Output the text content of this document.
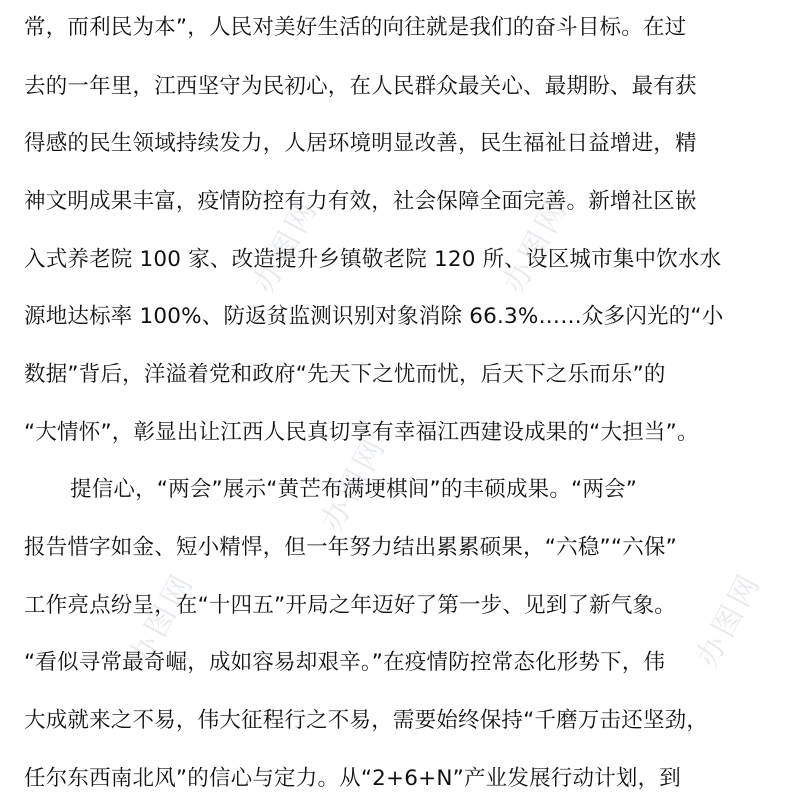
常，而利民为本”，人民对美好生活的向往就是我们的奋斗目标。在过
去的一年里，江西坚守为民初心，在人民群众最关心、最期盼、最有获
得感的民生领域持续发力，人居环境明显改善，民生福祉日益增进，精
神文明成果丰富，疫情防控有力有效，社会保障全面完善。新增社区嵌
入式养老院 100 家、改造提升乡镇敬老院 120 所、设区城市集中饮水水
源地达标率 100%、防返贫监测识别对象消除 66.3%……众多闪光的“小
数据”背后，洋溢着党和政府“先天下之忧而忧，后天下之乐而乐”的
“大情怀”，彰显出让江西人民真切享有幸福江西建设成果的“大担当”。
提信心，“两会”展示“黄芒布满埂棋间”的丰硕成果。“两会”
报告惜字如金、短小精悍，但一年努力结出累累硕果，“六稳”“六保”
工作亮点纷呈，在“十四五”开局之年迈好了第一步、见到了新气象。
“看似寻常最奇崛，成如容易却艰辛。”在疫情防控常态化形势下，伟
大成就来之不易，伟大征程行之不易，需要始终保持“千磨万击还坚劲，
任尔东西南北风”的信心与定力。从“2+6+N”产业发展行动计划，到
办图网	办图网
办图网
办图网
办图网
